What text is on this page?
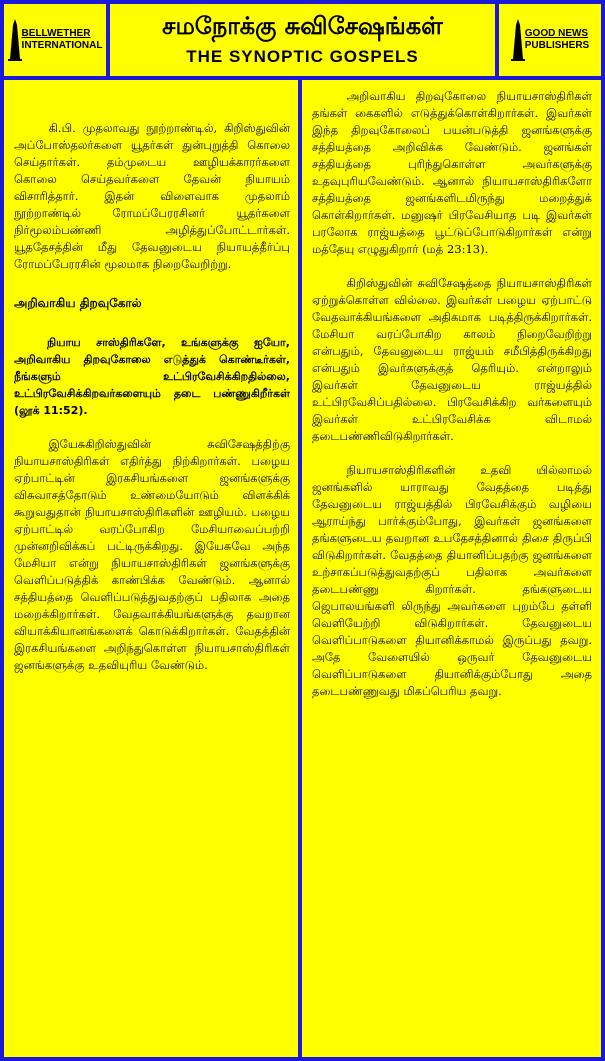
BELLWETHER
INTERNATIONAL
சமநோக்கு சுவிசேஷங்கள்
THE SYNOPTIC GOSPELS
GOOD NEWS
PUBLISHERS

கி.பி. முதலாவது நூற்றாண்டில், கிறிஸ்துவின் அப்போஸ்தலர்களை யூதர்கள் துன்புறுத்தி கொலை செய்தார்கள். தம்முடைய ஊழியக்காரர்களை கொலை செய்தவர்களை தேவன் நியாயம் விசாரித்தார். இதன் விளைவாக முதலாம் நூற்றாண்டில் ரோமப்பேரரசினர் யூதர்களை நிர்மூலம்பண்ணி அழித்துப்போட்டார்கள். யூததேசத்தின் மீது தேவனுடைய நியாயத்தீர்ப்பு ரோமப்பேரரசின் மூலமாக நிறைவேறிற்று.

அறிவாகிய திறவுகோல்

நியாய சாஸ்திரிகளே, உங்களுக்கு ஐயோ, அறிவாகிய திறவுகோலை எடுத்துக் கொண்டீர்கள், நீங்களும் உட்பிரவேசிக்கிறதில்லை, உட்பிரவேசிக்கிறவர்களையும் தடை பண்ணுகிறீர்கள் (லூக் 11:52).

இயேசுகிறிஸ்துவின் சுவிசேஷத்திற்கு நியாயசாஸ்திரிகள் எதிர்த்து நிற்கிறார்கள். பழைய ஏற்பாட்டின் இரகசியங்களை ஜனங்களுக்கு விசுவாசத்தோடும் உண்மையோடும் விளக்கிக் கூறுவதுதான் நியாயசாஸ்திரிகளின் ஊழியம். பழைய ஏற்பாட்டில் வரப்போகிற மேசியாவைப்பற்றி முன்னறிவிக்கப் பட்டிருக்கிறது. இயேசுவே அந்த மேசியா என்று நியாயசாஸ்திரிகள் ஜனங்களுக்கு வெளிப்படுத்திக் காண்பிக்க வேண்டும். ஆனால் சத்தியத்தை வெளிப்படுத்துவதற்குப் பதிலாக அதை மறைக்கிறார்கள். வேதவாக்கியங்களுக்கு தவறான வியாக்கியானங்களைக் கொடுக்கிறார்கள். வேதத்தின் இரகசியங்களை அறிந்துகொள்ள நியாயசாஸ்திரிகள் ஜனங்களுக்கு உதவியுரிய வேண்டும்.

அறிவாகிய திறவுகோலை நியாயசாஸ்திரிகள் தங்கள் கைகளில் எடுத்துக்கொள்கிறார்கள். இவர்கள் இந்த திறவுகோலைப் பயன்படுத்தி ஜனங்களுக்கு சத்தியத்தை அறிவிக்க வேண்டும். ஜனங்கள் சத்தியத்தை புரிந்துகொள்ள அவர்களுக்கு உதவுபுரியவேண்டும். ஆனால் நியாயசாஸ்திரிகளோ சத்தியத்தை ஜனங்களிடமிருந்து மறைத்துக் கொள்கிறார்கள். மனுஷர் பிரவேசியாத படி இவர்கள் பரலோக ராஜ்யத்தை பூட்டுப்போடுகிறார்கள் என்று மத்தேயு எழுதுகிறார் (மத் 23:13).

கிறிஸ்துவின் சுவிசேஷத்தை நியாயசாஸ்திரிகள் ஏற்றுக்கொள்ள வில்லை. இவர்கள் பழைய ஏற்பாட்டு வேதவாக்கியங்களை அதிகமாக படித்திருக்கிறார்கள். மேசியா வரப்போகிற காலம் நிறைவேறிற்று என்பதும், தேவனுடைய ராஜ்யம் சமீபித்திருக்கிறது என்பதும் இவர்களுக்குத் தெரியும். என்றாலும் இவர்கள் தேவனுடைய ராஜ்யத்தில் உட்பிரவேசிப்பதில்லை. பிரவேசிக்கிற வர்களையும் இவர்கள் உட்பிரவேசிக்க விடாமல் தடைபண்ணிவிடுகிறார்கள்.

நியாயசாஸ்திரிகளின் உதவி யில்லாமல் ஜனங்களில் யாராவது வேதத்தை படித்து தேவனுடைய ராஜ்யத்தில் பிரவேசிக்கும் வழியை ஆராய்ந்து பார்க்கும்போது, இவர்கள் ஜனங்களை தங்களுடைய தவறான உபதேசத்தினால் திசை திருப்பி விடுகிறார்கள். வேதத்தை தியானிப்பதற்கு ஜனங்களை உற்சாகப்படுத்துவதற்குப் பதிலாக அவர்களை தடைபண்ணு கிறார்கள். தங்களுடைய ஜெபாலயங்களி லிருந்து அவர்களை புறம்பே தள்ளி வெளியேற்றி விடுகிறார்கள். தேவனுடைய வெளிப்பாடுகளை தியானிக்காமல் இருப்பது தவறு. அதே வேளையில் ஒருவர் தேவனுடைய வெளிப்பாடுகளை தியானிக்கும்போது அதை தடைபண்ணுவது மிகப்பெரிய தவறு.
